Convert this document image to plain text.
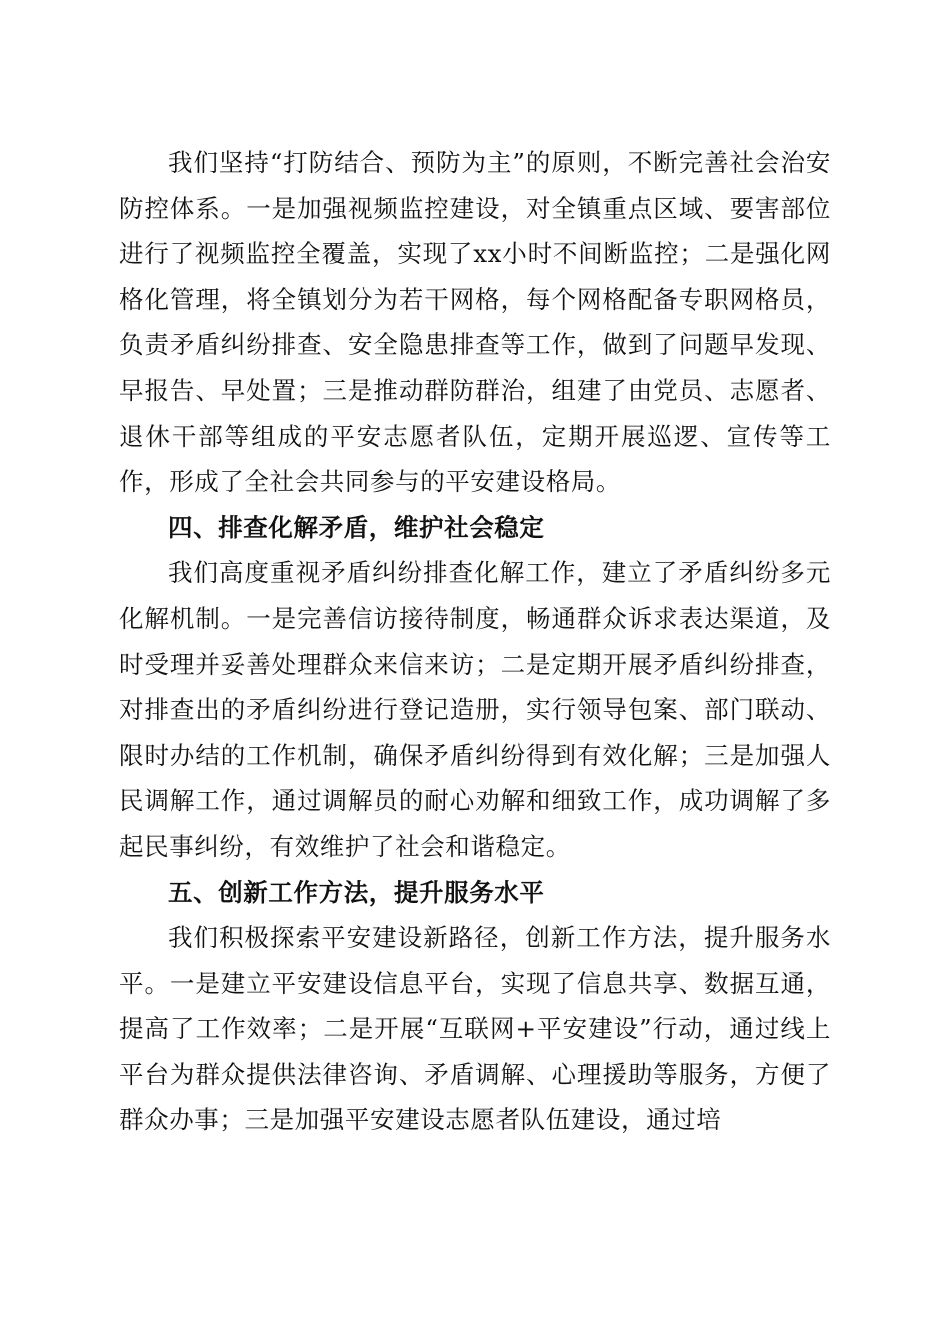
我们坚持“打防结合、预防为主”的原则，不断完善社会治安防控体系。一是加强视频监控建设，对全镇重点区域、要害部位进行了视频监控全覆盖，实现了xx小时不间断监控；二是强化网格化管理，将全镇划分为若干网格，每个网格配备专职网格员，负责矛盾纠纷排查、安全隐患排查等工作，做到了问题早发现、早报告、早处置；三是推动群防群治，组建了由党员、志愿者、退休干部等组成的平安志愿者队伍，定期开展巡逻、宣传等工作，形成了全社会共同参与的平安建设格局。

四、排查化解矛盾，维护社会稳定

我们高度重视矛盾纠纷排查化解工作，建立了矛盾纠纷多元化解机制。一是完善信访接待制度，畅通群众诉求表达渠道，及时受理并妥善处理群众来信来访；二是定期开展矛盾纠纷排查，对排查出的矛盾纠纷进行登记造册，实行领导包案、部门联动、限时办结的工作机制，确保矛盾纠纷得到有效化解；三是加强人民调解工作，通过调解员的耐心劝解和细致工作，成功调解了多起民事纠纷，有效维护了社会和谐稳定。

五、创新工作方法，提升服务水平

我们积极探索平安建设新路径，创新工作方法，提升服务水平。一是建立平安建设信息平台，实现了信息共享、数据互通，提高了工作效率；二是开展“互联网+平安建设”行动，通过线上平台为群众提供法律咨询、矛盾调解、心理援助等服务，方便了群众办事；三是加强平安建设志愿者队伍建设，通过培
